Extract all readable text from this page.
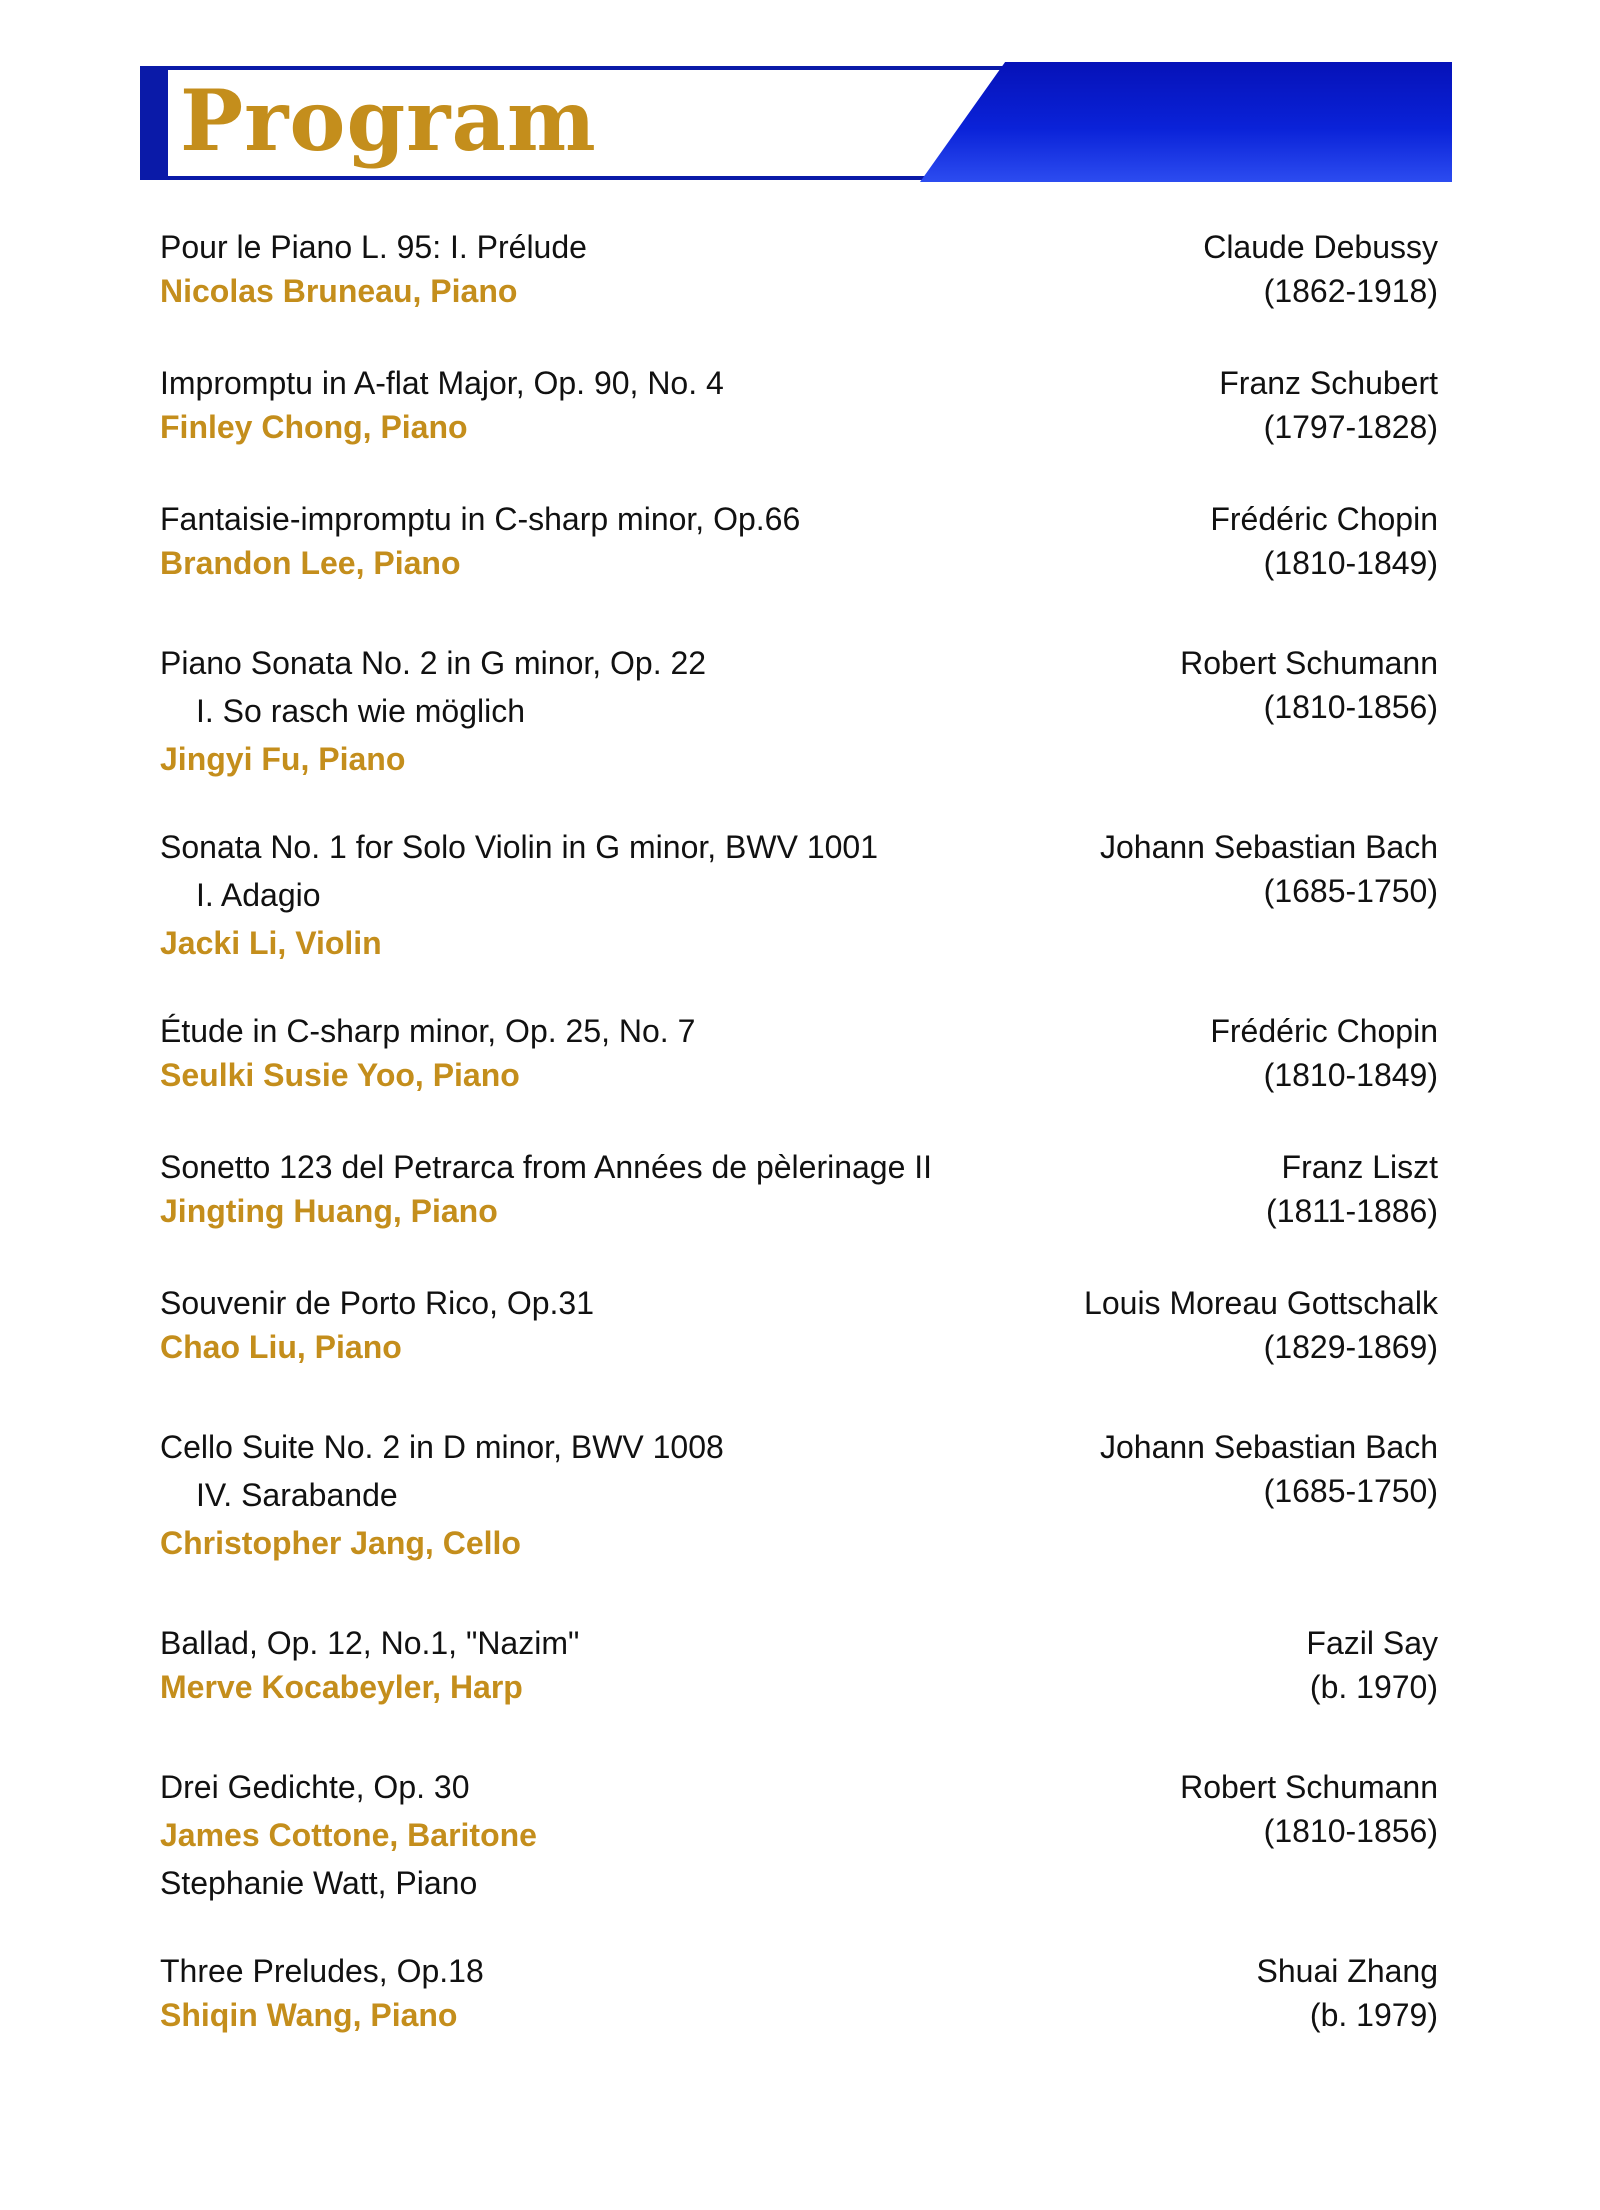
Program
Pour le Piano L. 95: I. Prélude
Nicolas Bruneau, Piano
Claude Debussy
(1862-1918)
Impromptu in A-flat Major, Op. 90, No. 4
Finley Chong, Piano
Franz Schubert
(1797-1828)
Fantaisie-impromptu in C-sharp minor, Op.66
Brandon Lee, Piano
Frédéric Chopin
(1810-1849)
Piano Sonata No. 2 in G minor, Op. 22
I. So rasch wie möglich
Jingyi Fu, Piano
Robert Schumann
(1810-1856)
Sonata No. 1 for Solo Violin in G minor, BWV 1001
I. Adagio
Jacki Li, Violin
Johann Sebastian Bach
(1685-1750)
Étude in C-sharp minor, Op. 25, No. 7
Seulki Susie Yoo, Piano
Frédéric Chopin
(1810-1849)
Sonetto 123 del Petrarca from Années de pèlerinage II
Jingting Huang, Piano
Franz Liszt
(1811-1886)
Souvenir de Porto Rico, Op.31
Chao Liu, Piano
Louis Moreau Gottschalk
(1829-1869)
Cello Suite No. 2 in D minor, BWV 1008
IV. Sarabande
Christopher Jang, Cello
Johann Sebastian Bach
(1685-1750)
Ballad, Op. 12, No.1, "Nazim"
Merve Kocabeyler, Harp
Fazil Say
(b. 1970)
Drei Gedichte, Op. 30
James Cottone, Baritone
Stephanie Watt, Piano
Robert Schumann
(1810-1856)
Three Preludes, Op.18
Shiqin Wang, Piano
Shuai Zhang
(b. 1979)
